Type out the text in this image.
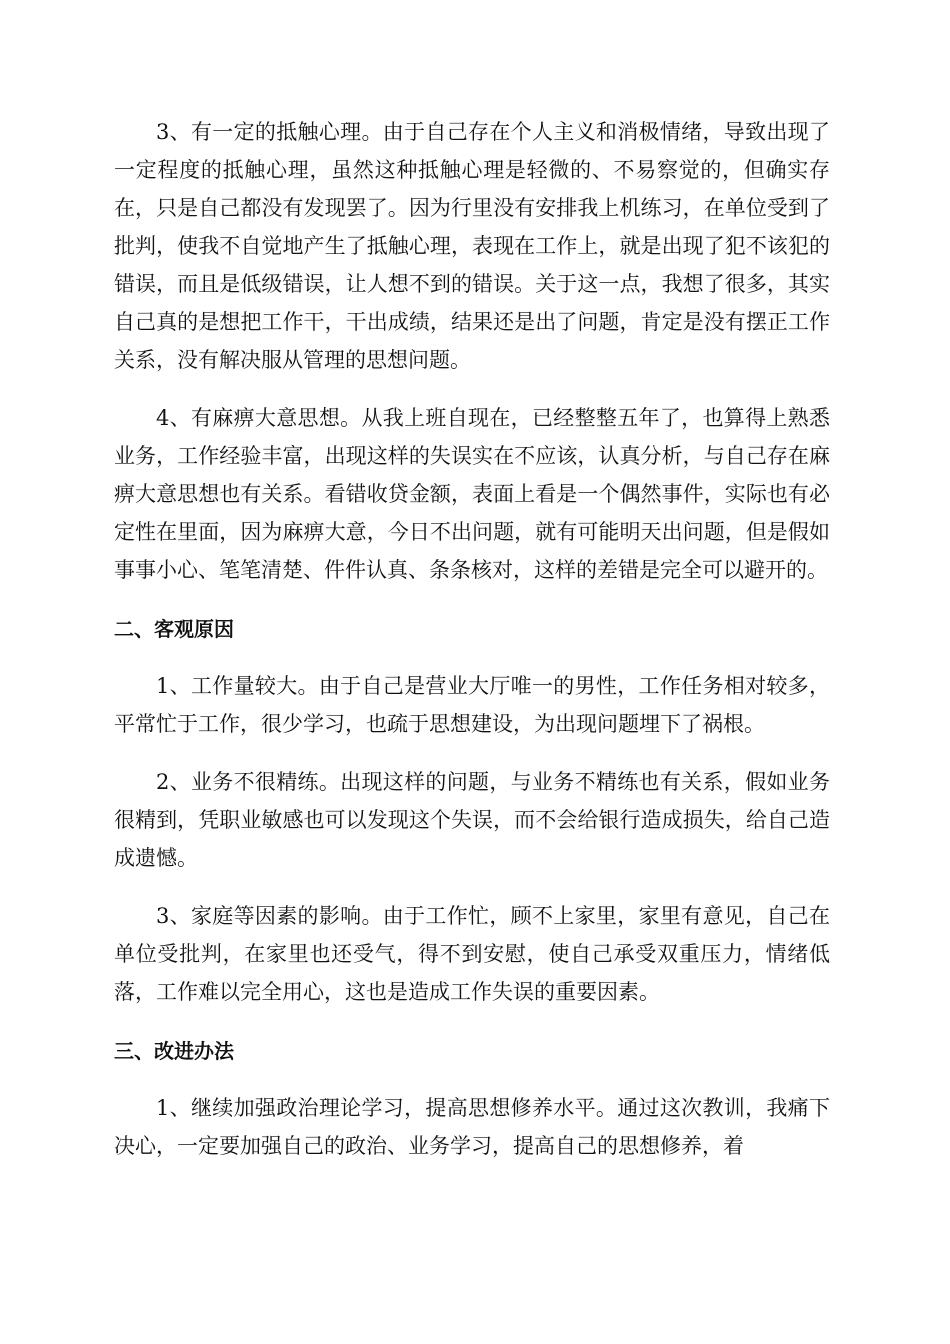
3、有一定的抵触心理。由于自己存在个人主义和消极情绪，导致出现了一定程度的抵触心理，虽然这种抵触心理是轻微的、不易察觉的，但确实存在，只是自己都没有发现罢了。因为行里没有安排我上机练习，在单位受到了批判，使我不自觉地产生了抵触心理，表现在工作上，就是出现了犯不该犯的错误，而且是低级错误，让人想不到的错误。关于这一点，我想了很多，其实自己真的是想把工作干，干出成绩，结果还是出了问题，肯定是没有摆正工作关系，没有解决服从管理的思想问题。

4、有麻痹大意思想。从我上班自现在，已经整整五年了，也算得上熟悉业务，工作经验丰富，出现这样的失误实在不应该，认真分析，与自己存在麻痹大意思想也有关系。看错收贷金额，表面上看是一个偶然事件，实际也有必定性在里面，因为麻痹大意，今日不出问题，就有可能明天出问题，但是假如事事小心、笔笔清楚、件件认真、条条核对，这样的差错是完全可以避开的。

二、客观原因

1、工作量较大。由于自己是营业大厅唯一的男性，工作任务相对较多，平常忙于工作，很少学习，也疏于思想建设，为出现问题埋下了祸根。

2、业务不很精练。出现这样的问题，与业务不精练也有关系，假如业务很精到，凭职业敏感也可以发现这个失误，而不会给银行造成损失，给自己造成遗憾。

3、家庭等因素的影响。由于工作忙，顾不上家里，家里有意见，自己在单位受批判，在家里也还受气，得不到安慰，使自己承受双重压力，情绪低落，工作难以完全用心，这也是造成工作失误的重要因素。

三、改进办法

1、继续加强政治理论学习，提高思想修养水平。通过这次教训，我痛下决心，一定要加强自己的政治、业务学习，提高自己的思想修养，着
